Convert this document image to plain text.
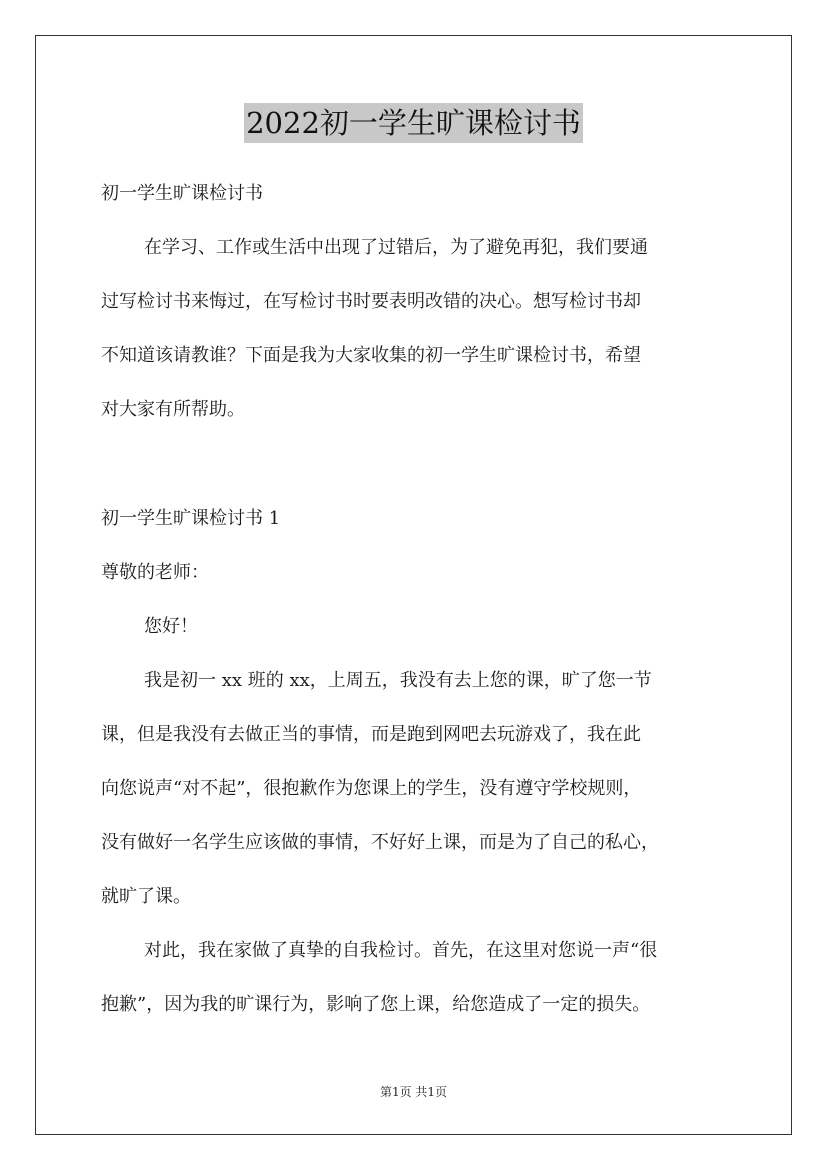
2022初一学生旷课检讨书
初一学生旷课检讨书
在学习、工作或生活中出现了过错后，为了避免再犯，我们要通
过写检讨书来悔过，在写检讨书时要表明改错的决心。想写检讨书却
不知道该请教谁？下面是我为大家收集的初一学生旷课检讨书，希望
对大家有所帮助。
初一学生旷课检讨书 1
尊敬的老师：
您好！
我是初一 xx 班的 xx，上周五，我没有去上您的课，旷了您一节
课，但是我没有去做正当的事情，而是跑到网吧去玩游戏了，我在此
向您说声“对不起”，很抱歉作为您课上的学生，没有遵守学校规则，
没有做好一名学生应该做的事情，不好好上课，而是为了自己的私心，
就旷了课。
对此，我在家做了真挚的自我检讨。首先，在这里对您说一声“很
抱歉”，因为我的旷课行为，影响了您上课，给您造成了一定的损失。
第1页 共1页
